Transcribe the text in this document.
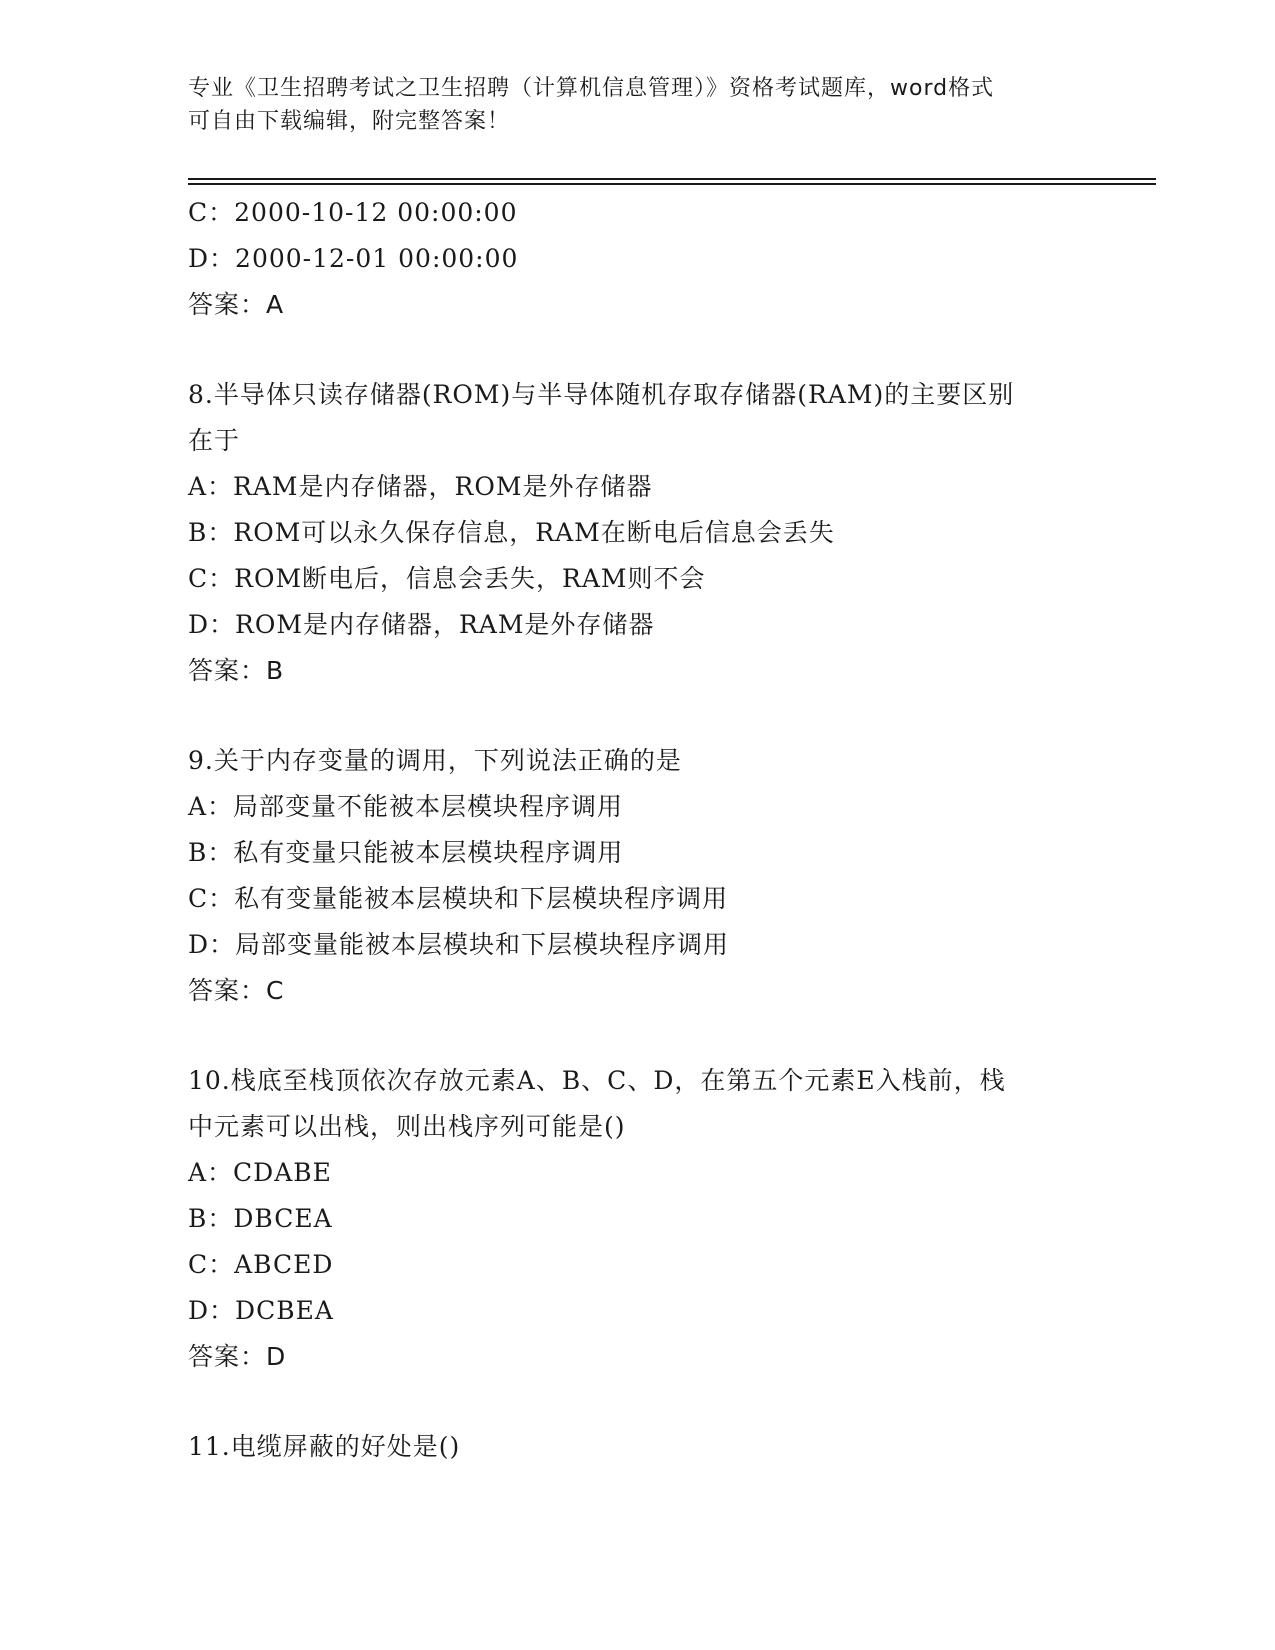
专业《卫生招聘考试之卫生招聘（计算机信息管理）》资格考试题库，word格式
可自由下载编辑，附完整答案！
C：2000-10-12 00:00:00
D：2000-12-01 00:00:00
答案：A
8.半导体只读存储器(ROM)与半导体随机存取存储器(RAM)的主要区别
在于
A：RAM是内存储器，ROM是外存储器
B：ROM可以永久保存信息，RAM在断电后信息会丢失
C：ROM断电后，信息会丢失，RAM则不会
D：ROM是内存储器，RAM是外存储器
答案：B
9.关于内存变量的调用，下列说法正确的是
A：局部变量不能被本层模块程序调用
B：私有变量只能被本层模块程序调用
C：私有变量能被本层模块和下层模块程序调用
D：局部变量能被本层模块和下层模块程序调用
答案：C
10.栈底至栈顶依次存放元素A、B、C、D，在第五个元素E入栈前，栈
中元素可以出栈，则出栈序列可能是()
A：CDABE
B：DBCEA
C：ABCED
D：DCBEA
答案：D
11.电缆屏蔽的好处是()
